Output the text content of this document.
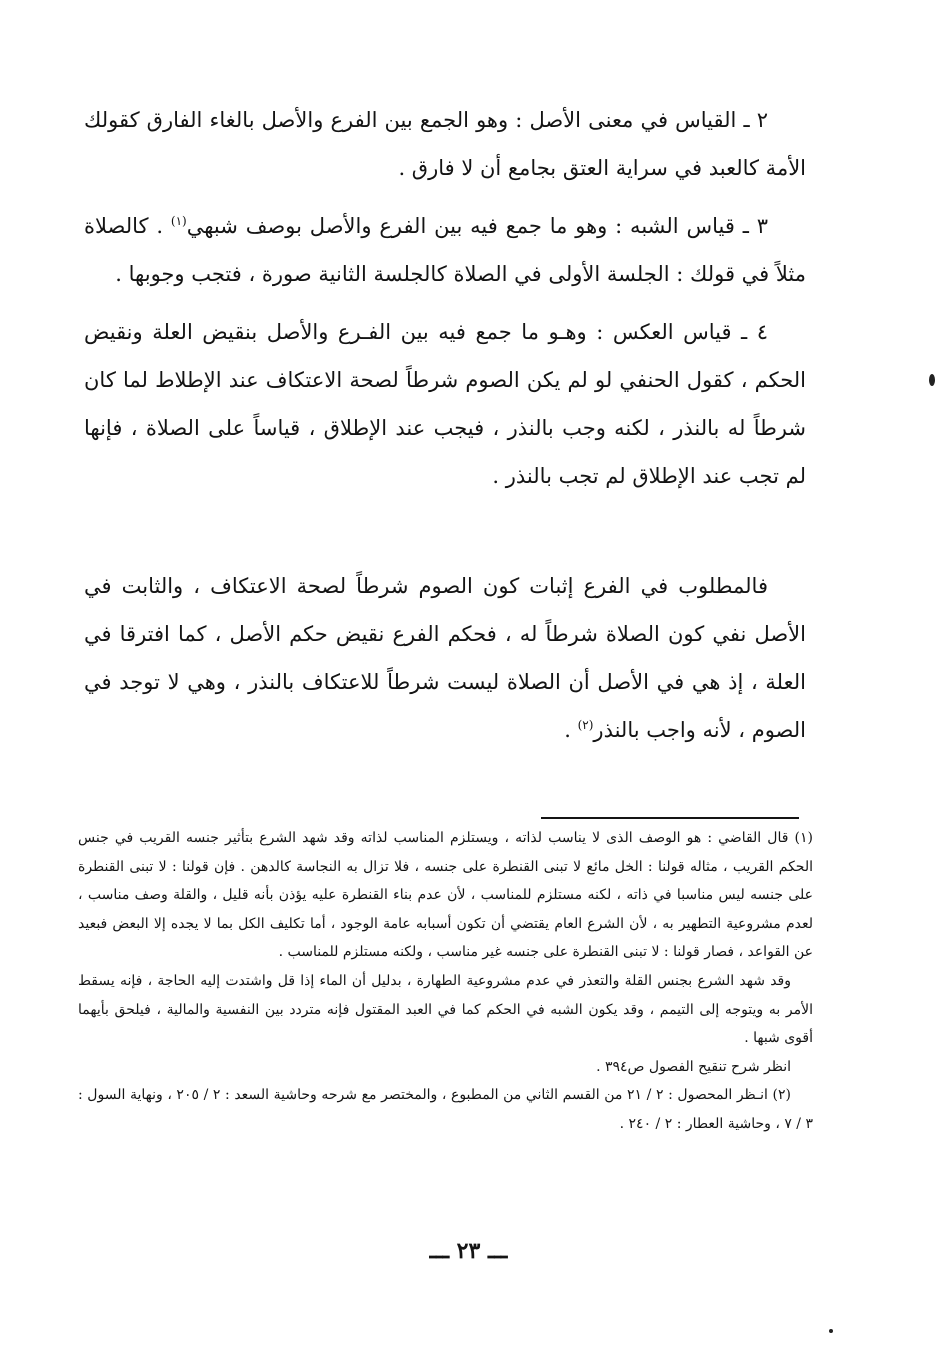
٢ ـ القياس في معنى الأصل : وهو الجمع بين الفرع والأصل بالغاء الفارق كقولك الأمة كالعبد في سراية العتق بجامع أن لا فارق .

٣ ـ قياس الشبه : وهو ما جمع فيه بين الفرع والأصل بوصف شبهي$^{(١)}$ . كالصلاة مثلاً في قولك : الجلسة الأولى في الصلاة كالجلسة الثانية صورة ، فتجب وجوبها .

٤ ـ قياس العكس : وهـو ما جمع فيه بين الفـرع والأصل بنقيض العلة ونقيض الحكم ، كقول الحنفي لو لم يكن الصوم شرطاً لصحة الاعتكاف عند الإطلاط لما كان شرطاً له بالنذر ، لكنه وجب بالنذر ، فيجب عند الإطلاق ، قياساً على الصلاة ، فإنها لم تجب عند الإطلاق لم تجب بالنذر .

فالمطلوب في الفرع إثبات كون الصوم شرطاً لصحة الاعتكاف ، والثابت في الأصل نفي كون الصلاة شرطاً له ، فحكم الفرع نقيض حكم الأصل ، كما افترقا في العلة ، إذ هي في الأصل أن الصلاة ليست شرطاً للاعتكاف بالنذر ، وهي لا توجد في الصوم ، لأنه واجب بالنذر$^{(٢)}$ .

(١) قال القاضي : هو الوصف الذى لا يناسب لذاته ، ويستلزم المناسب لذاته وقد شهد الشرع بتأثير جنسه القريب في جنس الحكم القريب ، مثاله قولنا : الخل مائع لا تبنى القنطرة على جنسه ، فلا تزال به النجاسة كالدهن . فإن قولنا : لا تبنى القنطرة على جنسه ليس مناسبا في ذاته ، لكنه مستلزم للمناسب ، لأن عدم بناء القنطرة عليه يؤذن بأنه قليل ، والقلة وصف مناسب ، لعدم مشروعية التطهير به ، لأن الشرع العام يقتضي أن تكون أسبابه عامة الوجود ، أما تكليف الكل بما لا يجده إلا البعض فبعيد عن القواعد ، فصار قولنا : لا تبنى القنطرة على جنسه غير مناسب ، ولكنه مستلزم للمناسب .

وقد شهد الشرع بجنس القلة والتعذر في عدم مشروعية الطهارة ، بدليل أن الماء إذا قل واشتدت إليه الحاجة ، فإنه يسقط الأمر به ويتوجه إلى التيمم ، وقد يكون الشبه في الحكم كما في العبد المقتول فإنه متردد بين النفسية والمالية ، فيلحق بأيهما أقوى شبها .

انظر شرح تنقيح الفصول ص٣٩٤ .

(٢) انـظر المحصول : ٢ / ٢١ من القسم الثاني من المطبوع ، والمختصر مع شرحه وحاشية السعد : ٢ / ٢٠٥ ، ونهاية السول : ٣ / ٧ ، وحاشية العطار : ٢ / ٢٤٠ .

ـــ ٢٣ ـــ
